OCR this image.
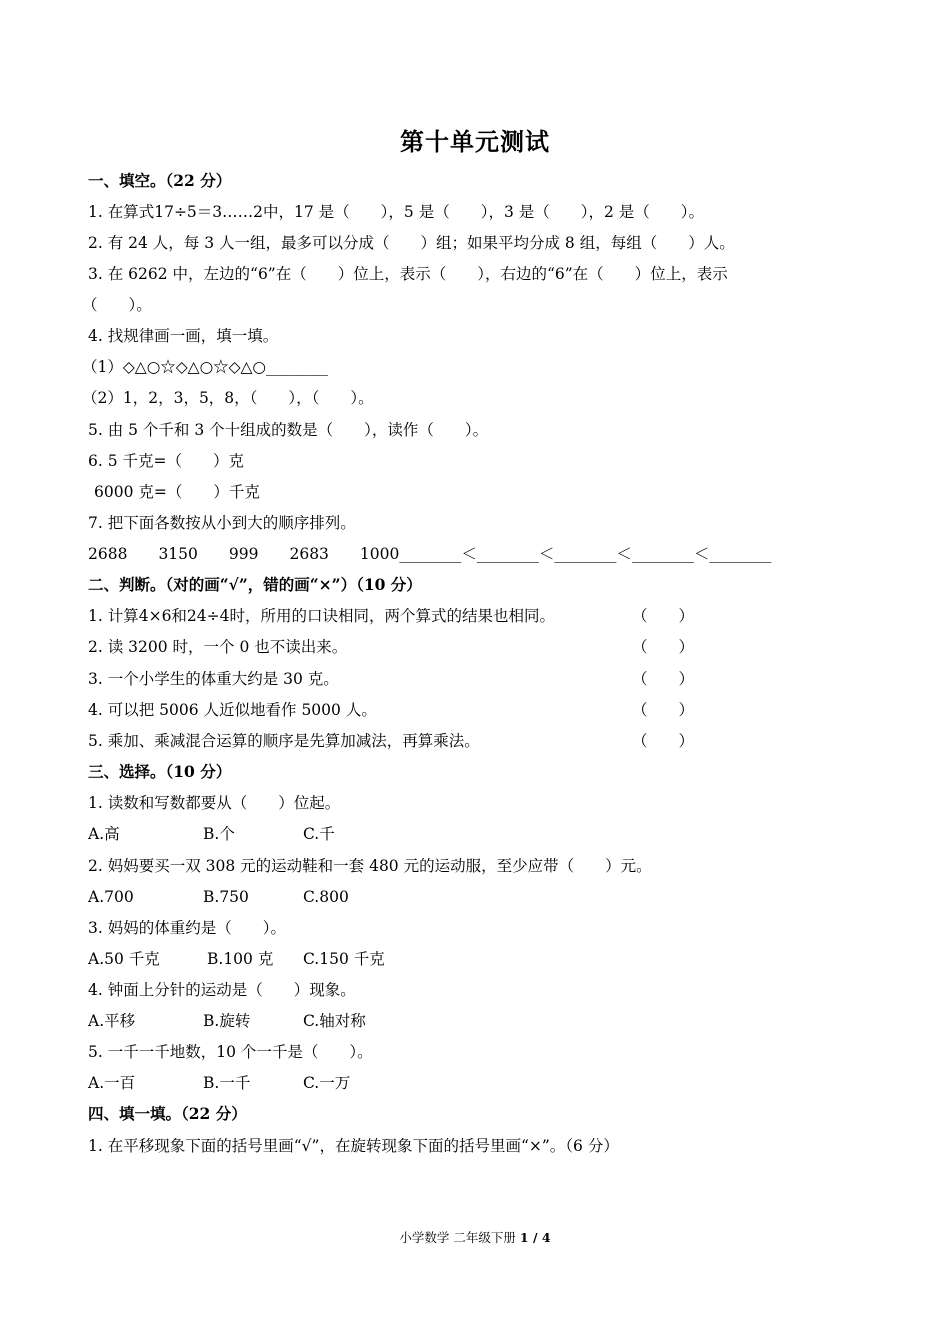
第十单元测试
一、填空。（22 分）
1. 在算式17÷5＝3……2中，17 是（　　），5 是（　　），3 是（　　），2 是（　　）。
2. 有 24 人，每 3 人一组，最多可以分成（　　）组；如果平均分成 8 组，每组（　　）人。
3. 在 6262 中，左边的“6”在（　　）位上，表示（　　），右边的“6”在（　　）位上，表示
（　　）。
4. 找规律画一画，填一填。
（1）◇△○☆◇△○☆◇△○________
（2）1，2，3，5，8，（　　），（　　）。
5. 由 5 个千和 3 个十组成的数是（　　），读作（　　）。
6. 5 千克=（　　）克
6000 克=（　　）千克
7. 把下面各数按从小到大的顺序排列。
2688　　3150　　999　　2683　　1000________＜________＜________＜________＜________
二、判断。（对的画“√”，错的画“×”）（10 分）
1. 计算4×6和24÷4时，所用的口诀相同，两个算式的结果也相同。	（　　）
2. 读 3200 时，一个 0 也不读出来。	（　　）
3. 一个小学生的体重大约是 30 克。	（　　）
4. 可以把 5006 人近似地看作 5000 人。	（　　）
5. 乘加、乘减混合运算的顺序是先算加减法，再算乘法。	（　　）
三、选择。（10 分）
1. 读数和写数都要从（　　）位起。
A.高	B.个	C.千
2. 妈妈要买一双 308 元的运动鞋和一套 480 元的运动服，至少应带（　　）元。
A.700	B.750	C.800
3. 妈妈的体重约是（　　）。
A.50 千克	B.100 克 C.150 千克
4. 钟面上分针的运动是（　　）现象。
A.平移	B.旋转	C.轴对称
5. 一千一千地数，10 个一千是（　　）。
A.一百	B.一千	C.一万
四、填一填。（22 分）
1. 在平移现象下面的括号里画“√”，在旋转现象下面的括号里画“×”。（6 分）
小学数学 二年级下册 1 / 4
